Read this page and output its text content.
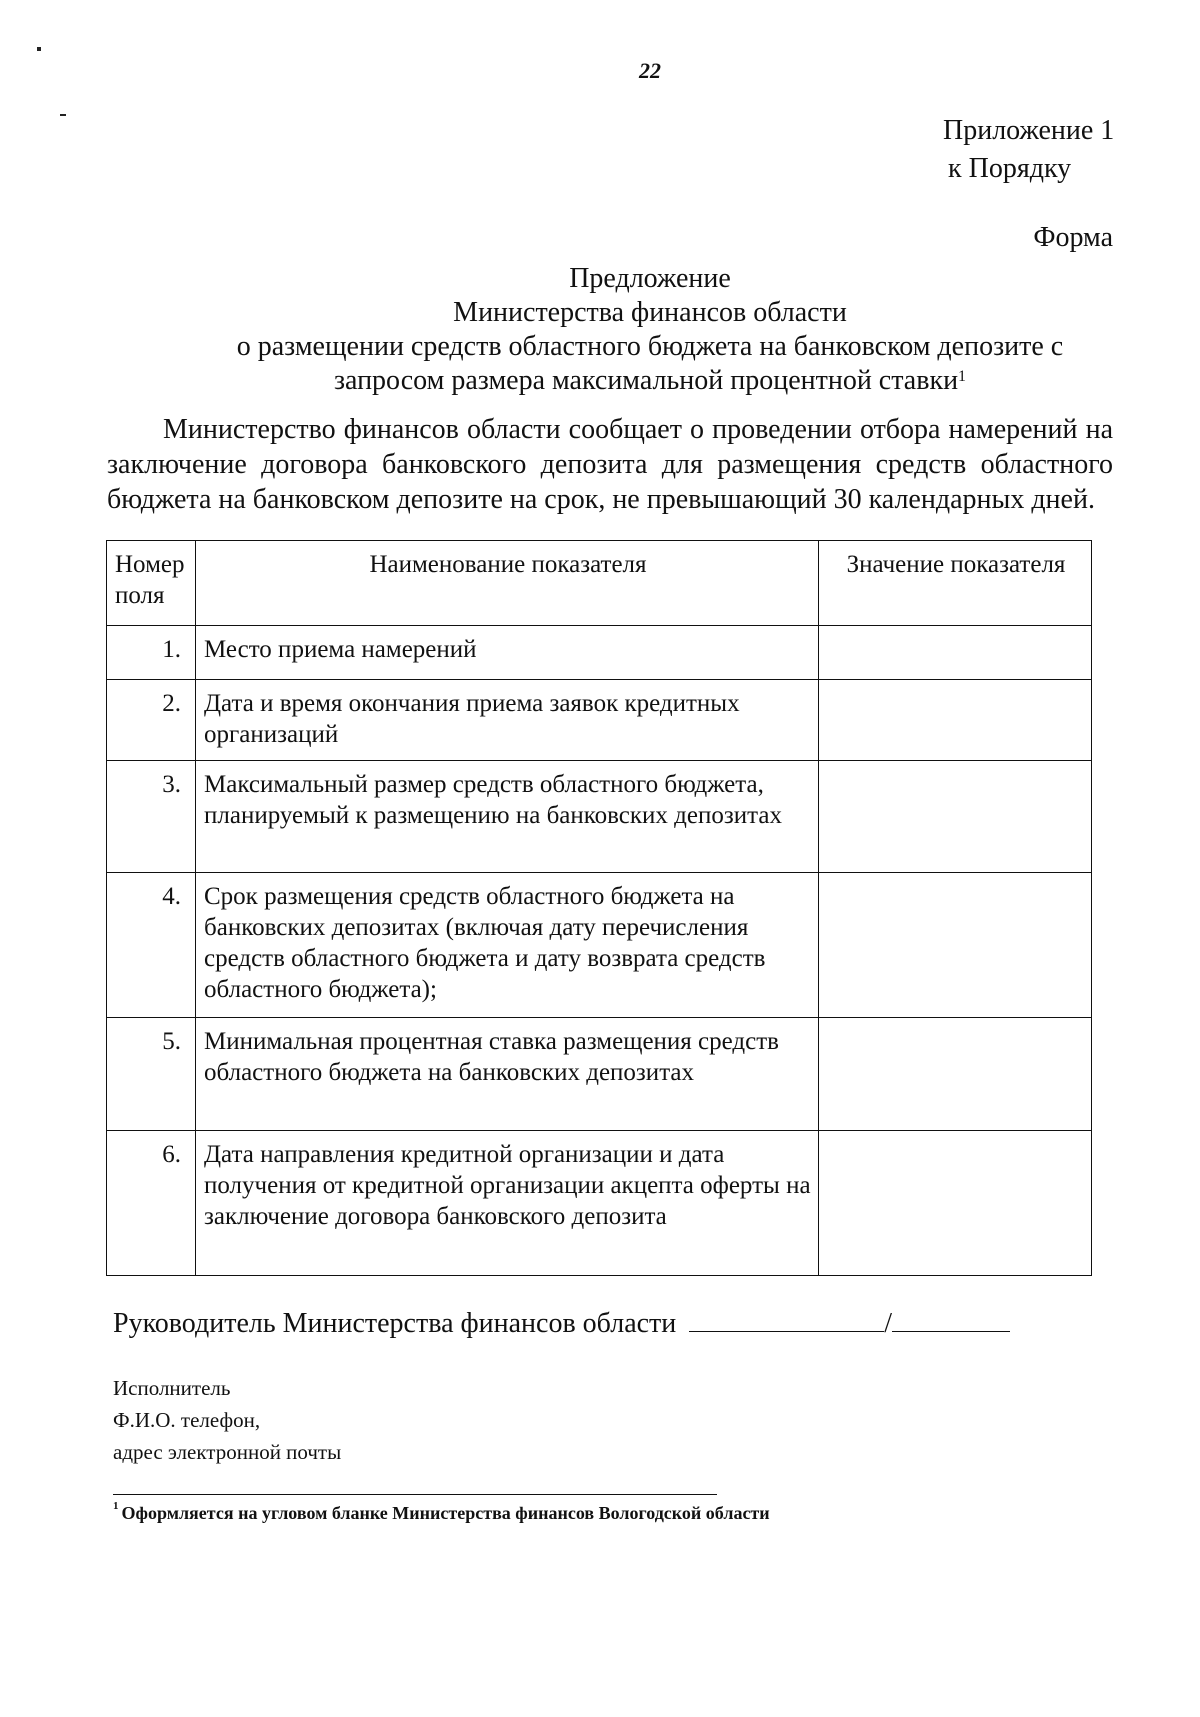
22
Приложение 1
к Порядку
Форма
Предложение
Министерства финансов области
о размещении средств областного бюджета на банковском депозите с
запросом размера максимальной процентной ставки$^1$
Министерство финансов области сообщает о проведении отбора намерений на заключение договора банковского депозита для размещения средств областного бюджета на банковском депозите на срок, не превышающий 30 календарных дней.
Номер поля	Наименование показателя	Значение показателя
1.	Место приема намерений	
2.	Дата и время окончания приема заявок кредитных организаций	
3.	Максимальный размер средств областного бюджета, планируемый к размещению на банковских депозитах	
4.	Срок размещения средств областного бюджета на банковских депозитах (включая дату перечисления средств областного бюджета и дату возврата средств областного бюджета);	
5.	Минимальная процентная ставка размещения средств областного бюджета на банковских депозитах	
6.	Дата направления кредитной организации и дата получения от кредитной организации акцепта оферты на заключение договора банковского депозита	
Руководитель Министерства финансов области	/
Исполнитель
Ф.И.О. телефон,
адрес электронной почты
$^1$ Оформляется на угловом бланке Министерства финансов Вологодской области
